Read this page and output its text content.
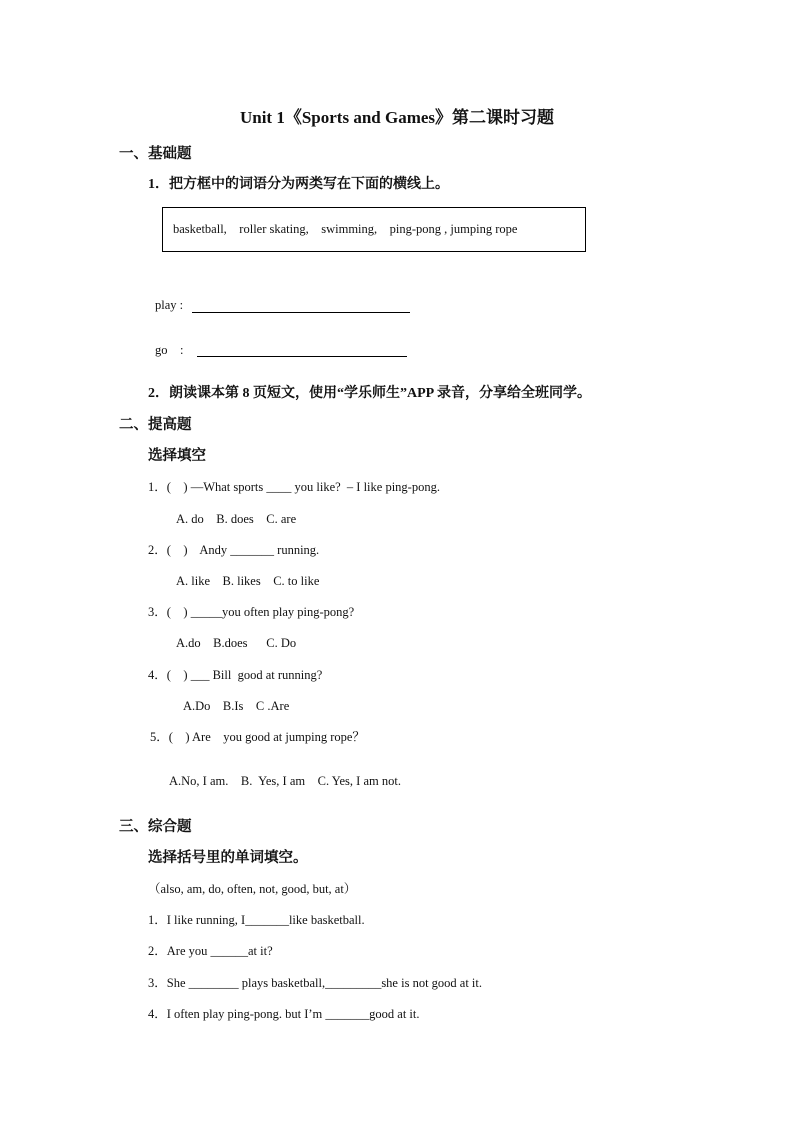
Unit 1《Sports and Games》第二课时习题
一、基础题
1．把方框中的词语分为两类写在下面的横线上。
basketball,    roller skating,    swimming,    ping-pong , jumping rope
play :
go    :
2．朗读课本第 8 页短文，使用“学乐师生”APP 录音，分享给全班同学。
二、提高题
选择填空
1．(    ) —What sports ____ you like?  – I like ping-pong.
A. do    B. does    C. are
2．(    )    Andy _______ running.
A. like    B. likes    C. to like
3．(    ) _____you often play ping-pong?
A.do    B.does      C. Do
4．(    ) ___ Bill  good at running?
A.Do    B.Is    C .Are
5．(    ) Are    you good at jumping rope？
A.No, I am.    B.  Yes, I am    C. Yes, I am not.
三、综合题
选择括号里的单词填空。
（also, am, do, often, not, good, but, at）
1．I like running, I_______like basketball.
2．Are you ______at it?
3．She ________ plays basketball,_________she is not good at it.
4．I often play ping-pong. but I’m _______good at it.
